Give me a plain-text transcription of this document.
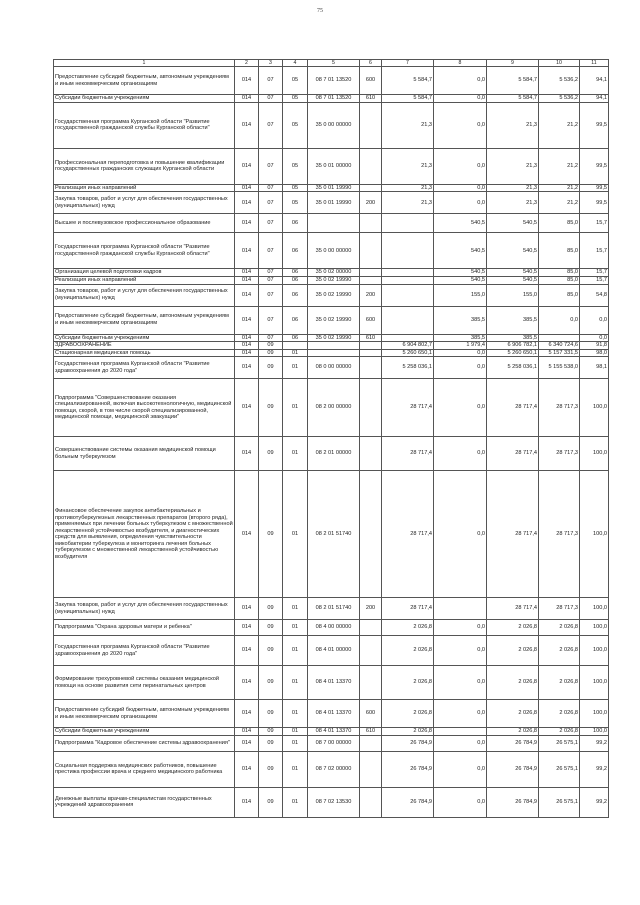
75
1	2	3	4	5	6	7	8	9	10	11
Предоставление субсидий бюджетным, автономным учреждениям и иным некоммерческим организациям	014	07	05	08 7 01 13520	600	5 584,7	0,0	5 584,7	5 536,2	94,1
Субсидии бюджетным учреждениям	014	07	05	08 7 01 13520	610	5 584,7	0,0	5 584,7	5 536,2	94,1
Государственная программа Курганской области "Развитие государственной гражданской службы Курганской области"	014	07	05	35 0 00 00000		21,3	0,0	21,3	21,2	99,5
Профессиональная переподготовка и повышение квалификации государственных гражданских служащих Курганской области	014	07	05	35 0 01 00000		21,3	0,0	21,3	21,2	99,5
Реализация иных направлений	014	07	05	35 0 01 19990		21,3	0,0	21,3	21,2	99,5
Закупка товаров, работ и услуг для обеспечения государственных (муниципальных) нужд	014	07	05	35 0 01 19990	200	21,3	0,0	21,3	21,2	99,5
Высшее и послевузовское профессиональное образование	014	07	06				540,5	540,5	85,0	15,7
Государственная программа Курганской области "Развитие государственной гражданской службы Курганской области"	014	07	06	35 0 00 00000			540,5	540,5	85,0	15,7
Организация целевой подготовки кадров	014	07	06	35 0 02 00000			540,5	540,5	85,0	15,7
Реализация иных направлений	014	07	06	35 0 02 19990			540,5	540,5	85,0	15,7
Закупка товаров, работ и услуг для обеспечения государственных (муниципальных) нужд	014	07	06	35 0 02 19990	200		155,0	155,0	85,0	54,8
Предоставление субсидий бюджетным, автономным учреждениям и иным некоммерческим организациям	014	07	06	35 0 02 19990	600		385,5	385,5	0,0	0,0
Субсидии бюджетным учреждениям	014	07	06	35 0 02 19990	610		385,5	385,5		0,0
ЗДРАВООХРАНЕНИЕ	014	09				6 904 802,7	1 979,4	6 906 782,1	6 340 724,6	91,8
Стационарная медицинская помощь	014	09	01			5 260 650,1	0,0	5 260 650,1	5 157 331,5	98,0
Государственная программа Курганской области "Развитие здравоохранения до 2020 года"	014	09	01	08 0 00 00000		5 258 036,1	0,0	5 258 036,1	5 155 538,0	98,1
Подпрограмма "Совершенствование оказания специализированной, включая высокотехнологичную, медицинской помощи, скорой, в том числе скорой специализированной, медицинской помощи, медицинской эвакуации"	014	09	01	08 2 00 00000		28 717,4	0,0	28 717,4	28 717,3	100,0
Совершенствование системы оказания медицинской помощи больным туберкулезом	014	09	01	08 2 01 00000		28 717,4	0,0	28 717,4	28 717,3	100,0
Финансовое обеспечение закупок антибактериальных и противотуберкулезных лекарственных препаратов (второго ряда), применяемых при лечении больных туберкулезом с множественной лекарственной устойчивостью возбудителя, и диагностических средств для выявления, определения чувствительности микобактерии туберкулеза и мониторинга лечения больных туберкулезом с множественной лекарственной устойчивостью возбудителя	014	09	01	08 2 01 51740		28 717,4	0,0	28 717,4	28 717,3	100,0
Закупка товаров, работ и услуг для обеспечения государственных (муниципальных) нужд	014	09	01	08 2 01 51740	200	28 717,4		28 717,4	28 717,3	100,0
Подпрограмма "Охрана здоровья матери и ребенка"	014	09	01	08 4 00 00000		2 026,8	0,0	2 026,8	2 026,8	100,0
Государственная программа Курганской области "Развитие здравоохранения до 2020 года"	014	09	01	08 4 01 00000		2 026,8	0,0	2 026,8	2 026,8	100,0
Формирование трехуровневой системы оказания медицинской помощи на основе развития сети перинатальных центров	014	09	01	08 4 01 13370		2 026,8	0,0	2 026,8	2 026,8	100,0
Предоставление субсидий бюджетным, автономным учреждениям и иным некоммерческим организациям	014	09	01	08 4 01 13370	600	2 026,8	0,0	2 026,8	2 026,8	100,0
Субсидии бюджетным учреждениям	014	09	01	08 4 01 13370	610	2 026,8		2 026,8	2 026,8	100,0
Подпрограмма "Кадровое обеспечение системы здравоохранения"	014	09	01	08 7 00 00000		26 784,9	0,0	26 784,9	26 575,1	99,2
Социальная поддержка медицинских работников, повышение престижа профессии врача и среднего медицинского работника	014	09	01	08 7 02 00000		26 784,9	0,0	26 784,9	26 575,1	99,2
Денежные выплаты врачам-специалистам государственных учреждений здравоохранения	014	09	01	08 7 02 13530		26 784,9	0,0	26 784,9	26 575,1	99,2
